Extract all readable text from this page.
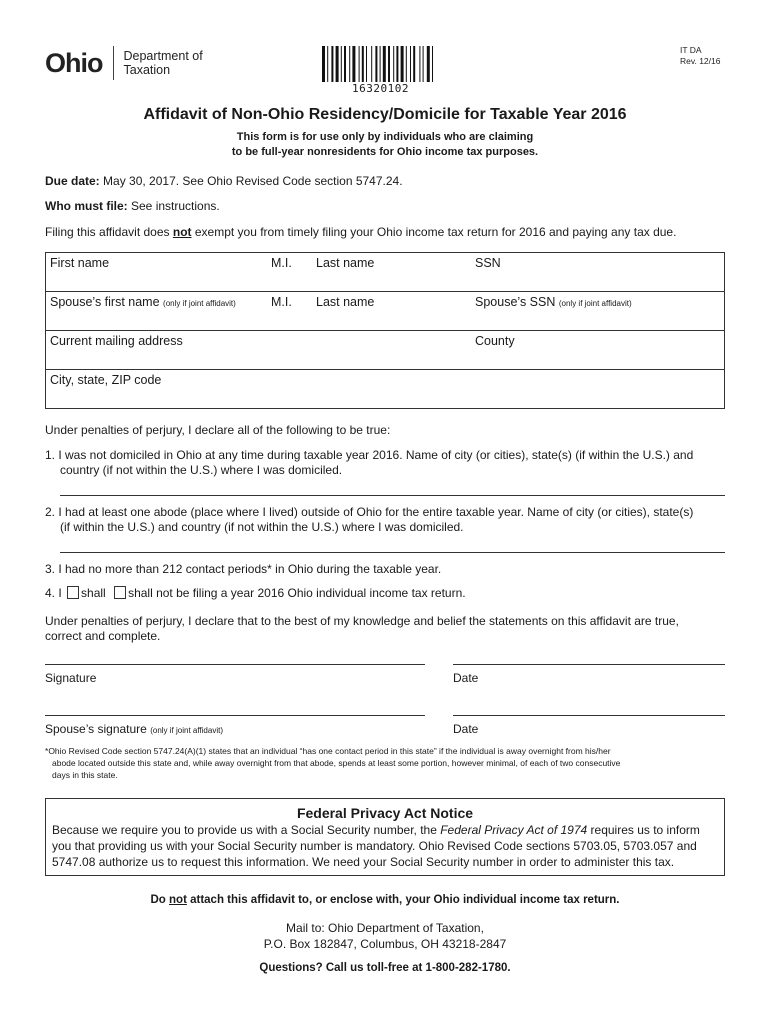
Ohio Department of
Taxation
16320102
IT DA
Rev. 12/16
Affidavit of Non-Ohio Residency/Domicile for Taxable Year 2016
This form is for use only by individuals who are claiming
to be full-year nonresidents for Ohio income tax purposes.
Due date: May 30, 2017. See Ohio Revised Code section 5747.24.
Who must file: See instructions.
Filing this affidavit does not exempt you from timely filing your Ohio income tax return for 2016 and paying any tax due.
First name	M.I. Last name	SSN
Spouse’s first name (only if joint affidavit)	M.I. Last name	Spouse’s SSN (only if joint affidavit)
Current mailing address	County
City, state, ZIP code
Under penalties of perjury, I declare all of the following to be true:
1. I was not domiciled in Ohio at any time during taxable year 2016. Name of city (or cities), state(s) (if within the U.S.) and
country (if not within the U.S.) where I was domiciled.
2. I had at least one abode (place where I lived) outside of Ohio for the entire taxable year. Name of city (or cities), state(s)
(if within the U.S.) and country (if not within the U.S.) where I was domiciled.
3. I had no more than 212 contact periods* in Ohio during the taxable year.
4. I shall shall not be filing a year 2016 Ohio individual income tax return.
Under penalties of perjury, I declare that to the best of my knowledge and belief the statements on this affidavit are true,
correct and complete.
Signature	Date
Spouse’s signature (only if joint affidavit)	Date
*Ohio Revised Code section 5747.24(A)(1) states that an individual “has one contact period in this state” if the individual is away overnight from his/her
abode located outside this state and, while away overnight from that abode, spends at least some portion, however minimal, of each of two consecutive
days in this state.
Federal Privacy Act Notice
Because we require you to provide us with a Social Security number, the Federal Privacy Act of 1974 requires us to inform
you that providing us with your Social Security number is mandatory. Ohio Revised Code sections 5703.05, 5703.057 and
5747.08 authorize us to request this information. We need your Social Security number in order to administer this tax.
Do not attach this affidavit to, or enclose with, your Ohio individual income tax return.
Mail to: Ohio Department of Taxation,
P.O. Box 182847, Columbus, OH 43218-2847
Questions? Call us toll-free at 1-800-282-1780.
